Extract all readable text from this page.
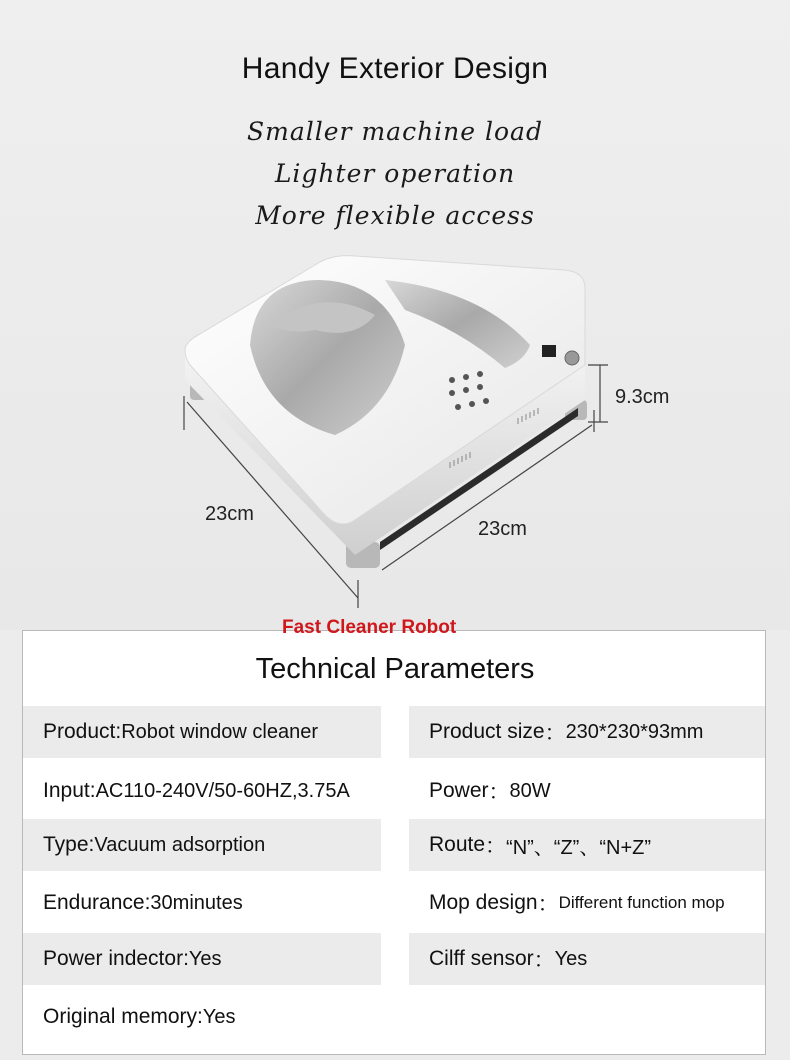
Handy Exterior Design
Smaller machine load
Lighter operation
More flexible access
9.3cm
23cm
23cm
Fast Cleaner Robot
Technical Parameters
Product : Robot window cleaner	Product size ： 230*230*93mm
Input : AC110-240V/50-60HZ,3.75A	Power ： 80W
Type : Vacuum adsorption	Route ： “N”、“Z”、“N+Z”
Endurance : 30minutes	Mop design ： Different function mop
Power indector : Yes	Cilff sensor ： Yes
Original memory : Yes
